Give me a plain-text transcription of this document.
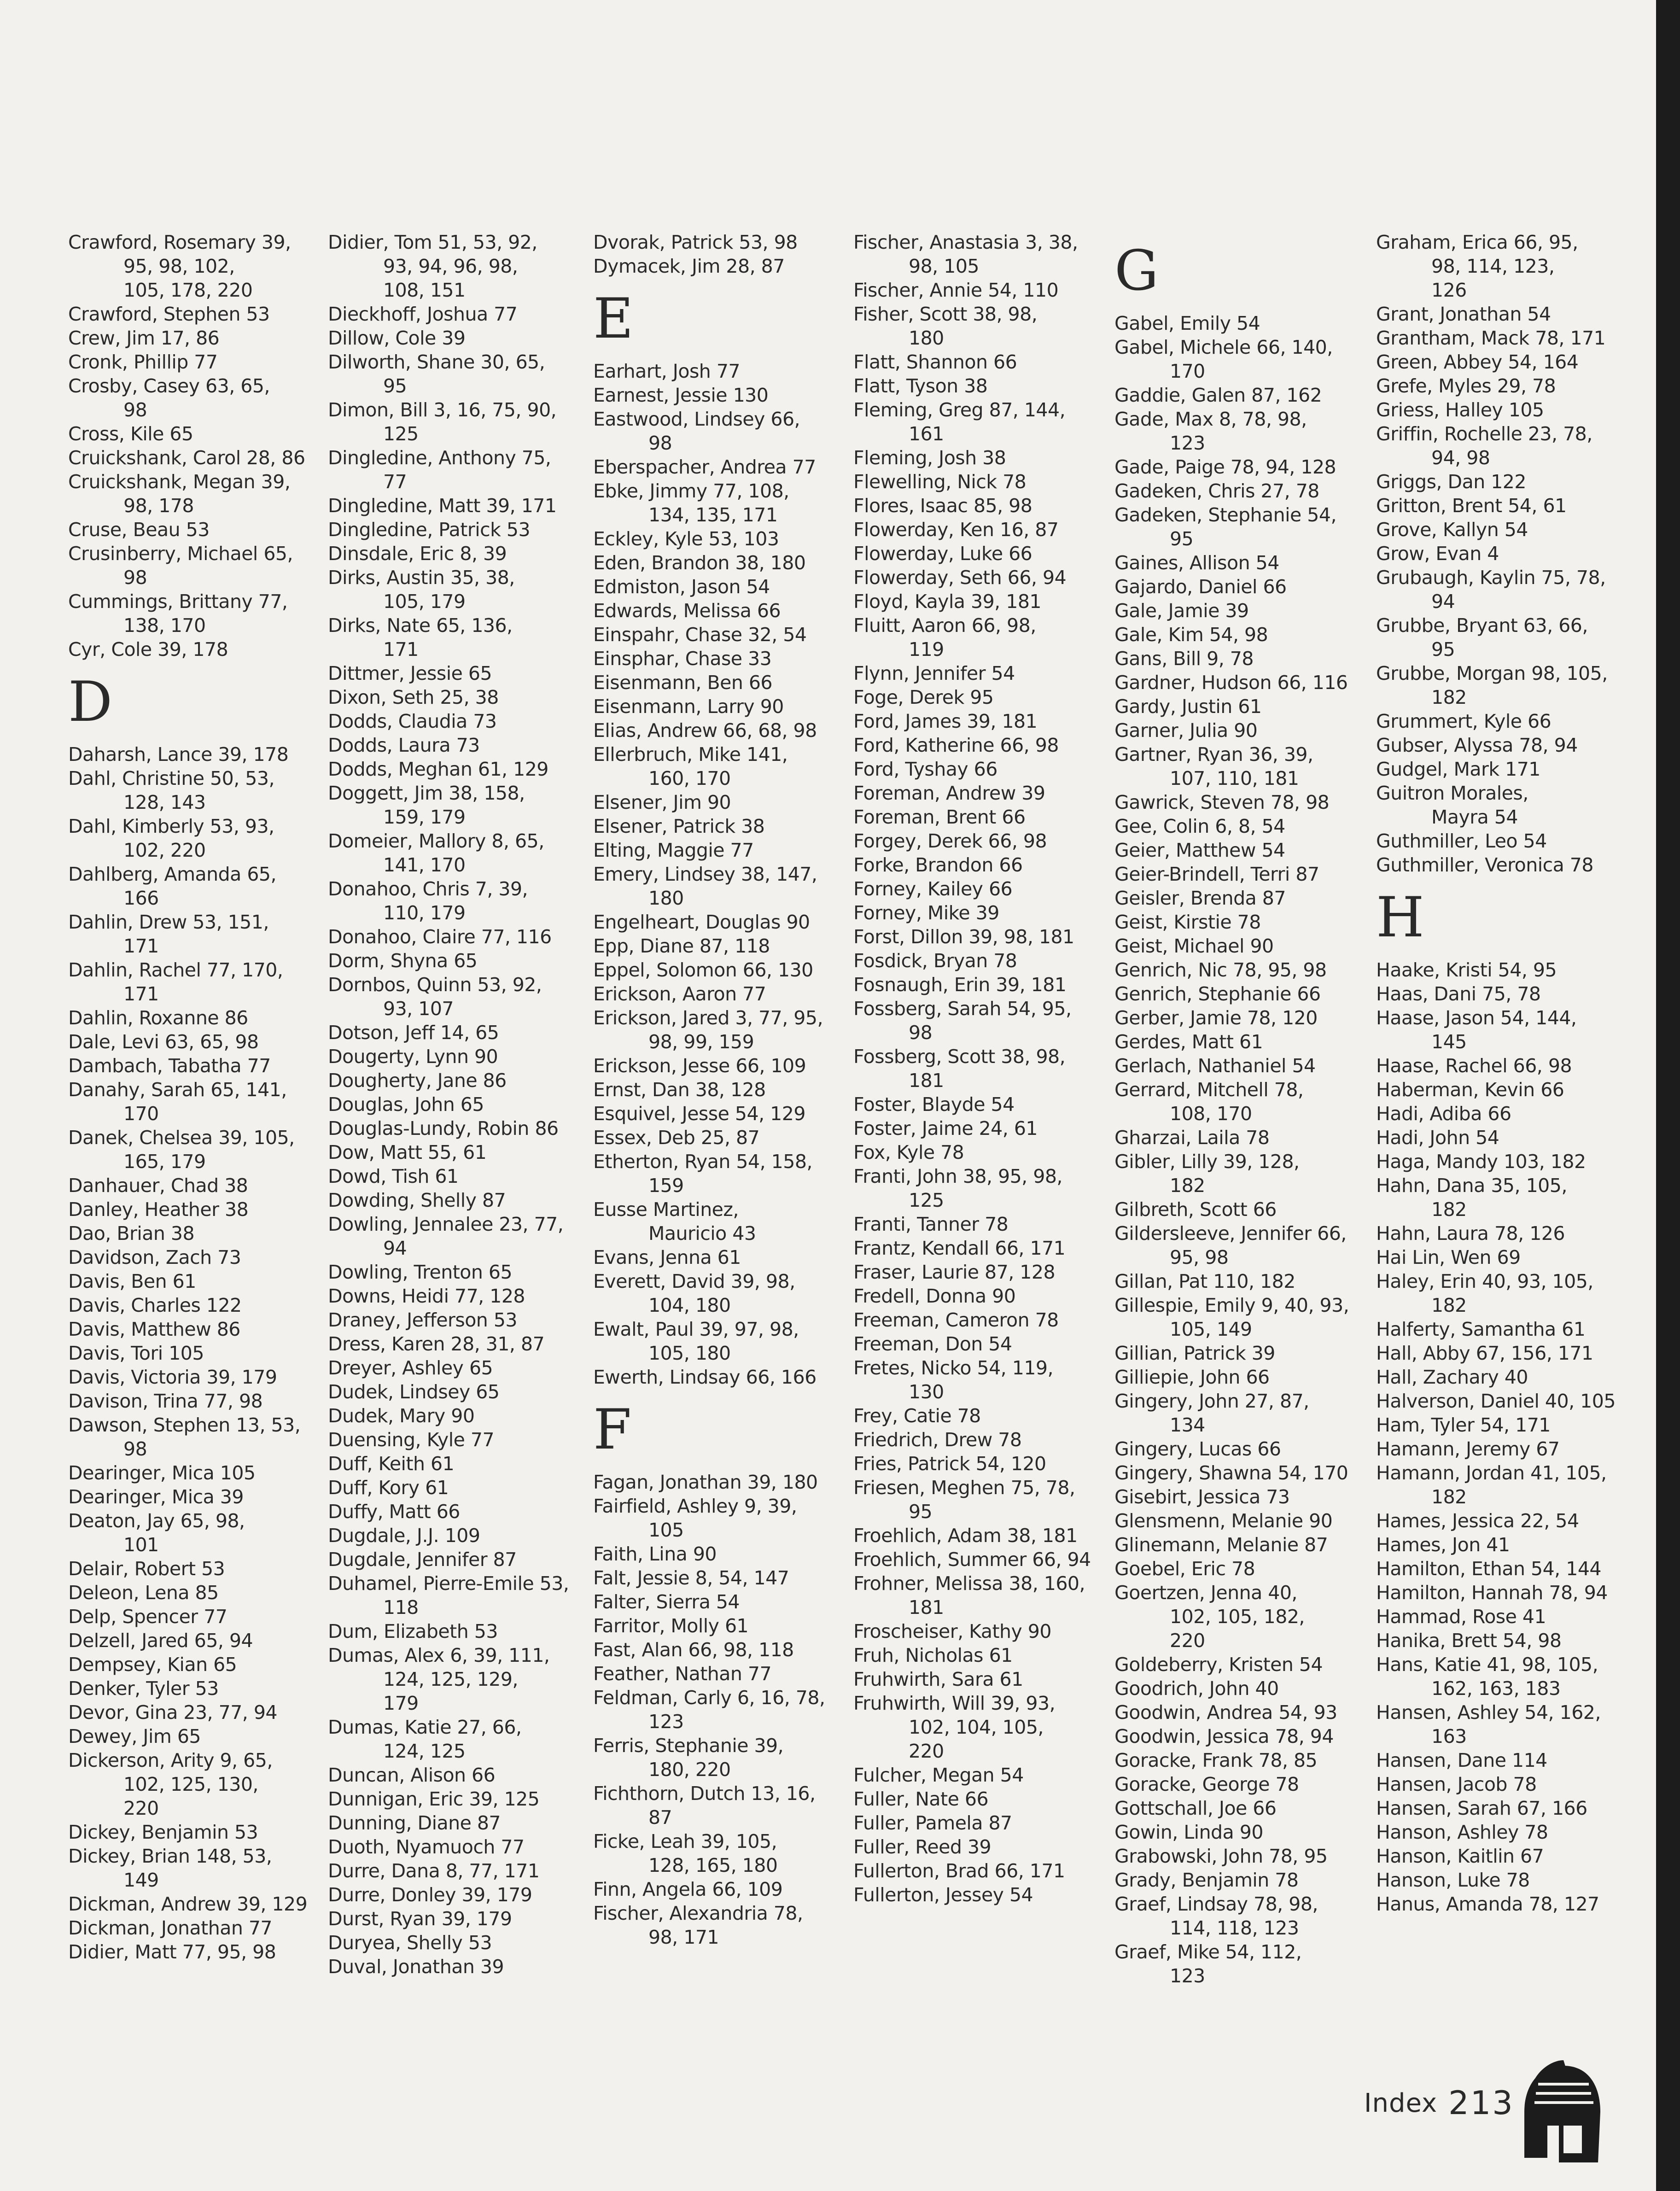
Crawford, Rosemary 39,
95, 98, 102,
105, 178, 220
Crawford, Stephen 53
Crew, Jim 17, 86
Cronk, Phillip 77
Crosby, Casey 63, 65,
98
Cross, Kile 65
Cruickshank, Carol 28, 86
Cruickshank, Megan 39,
98, 178
Cruse, Beau 53
Crusinberry, Michael 65,
98
Cummings, Brittany 77,
138, 170
Cyr, Cole 39, 178
D
Daharsh, Lance 39, 178
Dahl, Christine 50, 53,
128, 143
Dahl, Kimberly 53, 93,
102, 220
Dahlberg, Amanda 65,
166
Dahlin, Drew 53, 151,
171
Dahlin, Rachel 77, 170,
171
Dahlin, Roxanne 86
Dale, Levi 63, 65, 98
Dambach, Tabatha 77
Danahy, Sarah 65, 141,
170
Danek, Chelsea 39, 105,
165, 179
Danhauer, Chad 38
Danley, Heather 38
Dao, Brian 38
Davidson, Zach 73
Davis, Ben 61
Davis, Charles 122
Davis, Matthew 86
Davis, Tori 105
Davis, Victoria 39, 179
Davison, Trina 77, 98
Dawson, Stephen 13, 53,
98
Dearinger, Mica 105
Dearinger, Mica 39
Deaton, Jay 65, 98,
101
Delair, Robert 53
Deleon, Lena 85
Delp, Spencer 77
Delzell, Jared 65, 94
Dempsey, Kian 65
Denker, Tyler 53
Devor, Gina 23, 77, 94
Dewey, Jim 65
Dickerson, Arity 9, 65,
102, 125, 130,
220
Dickey, Benjamin 53
Dickey, Brian 148, 53,
149
Dickman, Andrew 39, 129
Dickman, Jonathan 77
Didier, Matt 77, 95, 98
Didier, Tom 51, 53, 92,
93, 94, 96, 98,
108, 151
Dieckhoff, Joshua 77
Dillow, Cole 39
Dilworth, Shane 30, 65,
95
Dimon, Bill 3, 16, 75, 90,
125
Dingledine, Anthony 75,
77
Dingledine, Matt 39, 171
Dingledine, Patrick 53
Dinsdale, Eric 8, 39
Dirks, Austin 35, 38,
105, 179
Dirks, Nate 65, 136,
171
Dittmer, Jessie 65
Dixon, Seth 25, 38
Dodds, Claudia 73
Dodds, Laura 73
Dodds, Meghan 61, 129
Doggett, Jim 38, 158,
159, 179
Domeier, Mallory 8, 65,
141, 170
Donahoo, Chris 7, 39,
110, 179
Donahoo, Claire 77, 116
Dorm, Shyna 65
Dornbos, Quinn 53, 92,
93, 107
Dotson, Jeff 14, 65
Dougerty, Lynn 90
Dougherty, Jane 86
Douglas, John 65
Douglas-Lundy, Robin 86
Dow, Matt 55, 61
Dowd, Tish 61
Dowding, Shelly 87
Dowling, Jennalee 23, 77,
94
Dowling, Trenton 65
Downs, Heidi 77, 128
Draney, Jefferson 53
Dress, Karen 28, 31, 87
Dreyer, Ashley 65
Dudek, Lindsey 65
Dudek, Mary 90
Duensing, Kyle 77
Duff, Keith 61
Duff, Kory 61
Duffy, Matt 66
Dugdale, J.J. 109
Dugdale, Jennifer 87
Duhamel, Pierre-Emile 53,
118
Dum, Elizabeth 53
Dumas, Alex 6, 39, 111,
124, 125, 129,
179
Dumas, Katie 27, 66,
124, 125
Duncan, Alison 66
Dunnigan, Eric 39, 125
Dunning, Diane 87
Duoth, Nyamuoch 77
Durre, Dana 8, 77, 171
Durre, Donley 39, 179
Durst, Ryan 39, 179
Duryea, Shelly 53
Duval, Jonathan 39
Dvorak, Patrick 53, 98
Dymacek, Jim 28, 87
E
Earhart, Josh 77
Earnest, Jessie 130
Eastwood, Lindsey 66,
98
Eberspacher, Andrea 77
Ebke, Jimmy 77, 108,
134, 135, 171
Eckley, Kyle 53, 103
Eden, Brandon 38, 180
Edmiston, Jason 54
Edwards, Melissa 66
Einspahr, Chase 32, 54
Einsphar, Chase 33
Eisenmann, Ben 66
Eisenmann, Larry 90
Elias, Andrew 66, 68, 98
Ellerbruch, Mike 141,
160, 170
Elsener, Jim 90
Elsener, Patrick 38
Elting, Maggie 77
Emery, Lindsey 38, 147,
180
Engelheart, Douglas 90
Epp, Diane 87, 118
Eppel, Solomon 66, 130
Erickson, Aaron 77
Erickson, Jared 3, 77, 95,
98, 99, 159
Erickson, Jesse 66, 109
Ernst, Dan 38, 128
Esquivel, Jesse 54, 129
Essex, Deb 25, 87
Etherton, Ryan 54, 158,
159
Eusse Martinez,
Mauricio 43
Evans, Jenna 61
Everett, David 39, 98,
104, 180
Ewalt, Paul 39, 97, 98,
105, 180
Ewerth, Lindsay 66, 166
F
Fagan, Jonathan 39, 180
Fairfield, Ashley 9, 39,
105
Faith, Lina 90
Falt, Jessie 8, 54, 147
Falter, Sierra 54
Farritor, Molly 61
Fast, Alan 66, 98, 118
Feather, Nathan 77
Feldman, Carly 6, 16, 78,
123
Ferris, Stephanie 39,
180, 220
Fichthorn, Dutch 13, 16,
87
Ficke, Leah 39, 105,
128, 165, 180
Finn, Angela 66, 109
Fischer, Alexandria 78,
98, 171
Fischer, Anastasia 3, 38,
98, 105
Fischer, Annie 54, 110
Fisher, Scott 38, 98,
180
Flatt, Shannon 66
Flatt, Tyson 38
Fleming, Greg 87, 144,
161
Fleming, Josh 38
Flewelling, Nick 78
Flores, Isaac 85, 98
Flowerday, Ken 16, 87
Flowerday, Luke 66
Flowerday, Seth 66, 94
Floyd, Kayla 39, 181
Fluitt, Aaron 66, 98,
119
Flynn, Jennifer 54
Foge, Derek 95
Ford, James 39, 181
Ford, Katherine 66, 98
Ford, Tyshay 66
Foreman, Andrew 39
Foreman, Brent 66
Forgey, Derek 66, 98
Forke, Brandon 66
Forney, Kailey 66
Forney, Mike 39
Forst, Dillon 39, 98, 181
Fosdick, Bryan 78
Fosnaugh, Erin 39, 181
Fossberg, Sarah 54, 95,
98
Fossberg, Scott 38, 98,
181
Foster, Blayde 54
Foster, Jaime 24, 61
Fox, Kyle 78
Franti, John 38, 95, 98,
125
Franti, Tanner 78
Frantz, Kendall 66, 171
Fraser, Laurie 87, 128
Fredell, Donna 90
Freeman, Cameron 78
Freeman, Don 54
Fretes, Nicko 54, 119,
130
Frey, Catie 78
Friedrich, Drew 78
Fries, Patrick 54, 120
Friesen, Meghen 75, 78,
95
Froehlich, Adam 38, 181
Froehlich, Summer 66, 94
Frohner, Melissa 38, 160,
181
Froscheiser, Kathy 90
Fruh, Nicholas 61
Fruhwirth, Sara 61
Fruhwirth, Will 39, 93,
102, 104, 105,
220
Fulcher, Megan 54
Fuller, Nate 66
Fuller, Pamela 87
Fuller, Reed 39
Fullerton, Brad 66, 171
Fullerton, Jessey 54
G
Gabel, Emily 54
Gabel, Michele 66, 140,
170
Gaddie, Galen 87, 162
Gade, Max 8, 78, 98,
123
Gade, Paige 78, 94, 128
Gadeken, Chris 27, 78
Gadeken, Stephanie 54,
95
Gaines, Allison 54
Gajardo, Daniel 66
Gale, Jamie 39
Gale, Kim 54, 98
Gans, Bill 9, 78
Gardner, Hudson 66, 116
Gardy, Justin 61
Garner, Julia 90
Gartner, Ryan 36, 39,
107, 110, 181
Gawrick, Steven 78, 98
Gee, Colin 6, 8, 54
Geier, Matthew 54
Geier-Brindell, Terri 87
Geisler, Brenda 87
Geist, Kirstie 78
Geist, Michael 90
Genrich, Nic 78, 95, 98
Genrich, Stephanie 66
Gerber, Jamie 78, 120
Gerdes, Matt 61
Gerlach, Nathaniel 54
Gerrard, Mitchell 78,
108, 170
Gharzai, Laila 78
Gibler, Lilly 39, 128,
182
Gilbreth, Scott 66
Gildersleeve, Jennifer 66,
95, 98
Gillan, Pat 110, 182
Gillespie, Emily 9, 40, 93,
105, 149
Gillian, Patrick 39
Gilliepie, John 66
Gingery, John 27, 87,
134
Gingery, Lucas 66
Gingery, Shawna 54, 170
Gisebirt, Jessica 73
Glensmenn, Melanie 90
Glinemann, Melanie 87
Goebel, Eric 78
Goertzen, Jenna 40,
102, 105, 182,
220
Goldeberry, Kristen 54
Goodrich, John 40
Goodwin, Andrea 54, 93
Goodwin, Jessica 78, 94
Goracke, Frank 78, 85
Goracke, George 78
Gottschall, Joe 66
Gowin, Linda 90
Grabowski, John 78, 95
Grady, Benjamin 78
Graef, Lindsay 78, 98,
114, 118, 123
Graef, Mike 54, 112,
123
Graham, Erica 66, 95,
98, 114, 123,
126
Grant, Jonathan 54
Grantham, Mack 78, 171
Green, Abbey 54, 164
Grefe, Myles 29, 78
Griess, Halley 105
Griffin, Rochelle 23, 78,
94, 98
Griggs, Dan 122
Gritton, Brent 54, 61
Grove, Kallyn 54
Grow, Evan 4
Grubaugh, Kaylin 75, 78,
94
Grubbe, Bryant 63, 66,
95
Grubbe, Morgan 98, 105,
182
Grummert, Kyle 66
Gubser, Alyssa 78, 94
Gudgel, Mark 171
Guitron Morales,
Mayra 54
Guthmiller, Leo 54
Guthmiller, Veronica 78
H
Haake, Kristi 54, 95
Haas, Dani 75, 78
Haase, Jason 54, 144,
145
Haase, Rachel 66, 98
Haberman, Kevin 66
Hadi, Adiba 66
Hadi, John 54
Haga, Mandy 103, 182
Hahn, Dana 35, 105,
182
Hahn, Laura 78, 126
Hai Lin, Wen 69
Haley, Erin 40, 93, 105,
182
Halferty, Samantha 61
Hall, Abby 67, 156, 171
Hall, Zachary 40
Halverson, Daniel 40, 105
Ham, Tyler 54, 171
Hamann, Jeremy 67
Hamann, Jordan 41, 105,
182
Hames, Jessica 22, 54
Hames, Jon 41
Hamilton, Ethan 54, 144
Hamilton, Hannah 78, 94
Hammad, Rose 41
Hanika, Brett 54, 98
Hans, Katie 41, 98, 105,
162, 163, 183
Hansen, Ashley 54, 162,
163
Hansen, Dane 114
Hansen, Jacob 78
Hansen, Sarah 67, 166
Hanson, Ashley 78
Hanson, Kaitlin 67
Hanson, Luke 78
Hanus, Amanda 78, 127
Index 213
